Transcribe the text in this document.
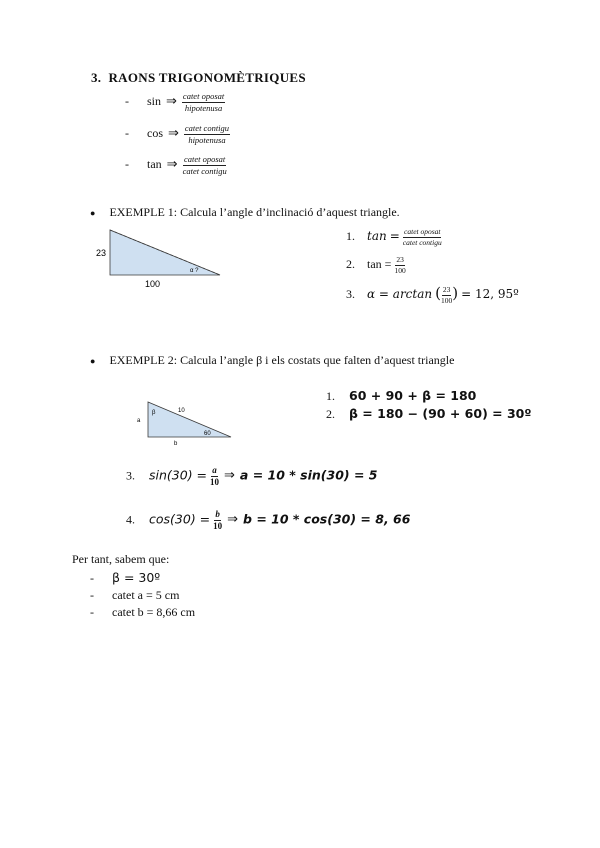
3. RAONS TRIGONOMÈTRIQUES
- sin ⇒ $\frac{\text{catet oposat}}{\text{hipotenusa}}$
- cos ⇒ $\frac{\text{catet contigu}}{\text{hipotenusa}}$
- tan ⇒ $\frac{\text{catet oposat}}{\text{catet contigu}}$
● EXEMPLE 1: Calcula l’angle d’inclinació d’aquest triangle.
23
100
α ?
1. $\tan = \frac{\text{catet oposat}}{\text{catet contigu}}$
2. $\tan = \frac{23}{100}$
3. α = arctan ( $\frac{23}{100}$ ) = 12, 95º
● EXEMPLE 2: Calcula l’angle β i els costats que falten d’aquest triangle
a
b
10
β
60
1. 60 + 90 + β = 180
2. β = 180 − (90 + 60) = 30º
3. $\sin(30) = \frac{a}{10}$ ⇒ a = 10 * sin(30) = 5
4. $\cos(30) = \frac{b}{10}$ ⇒ b = 10 * cos(30) = 8, 66
Per tant, sabem que:
- β = 30º
- catet a = 5 cm
- catet b = 8,66 cm
